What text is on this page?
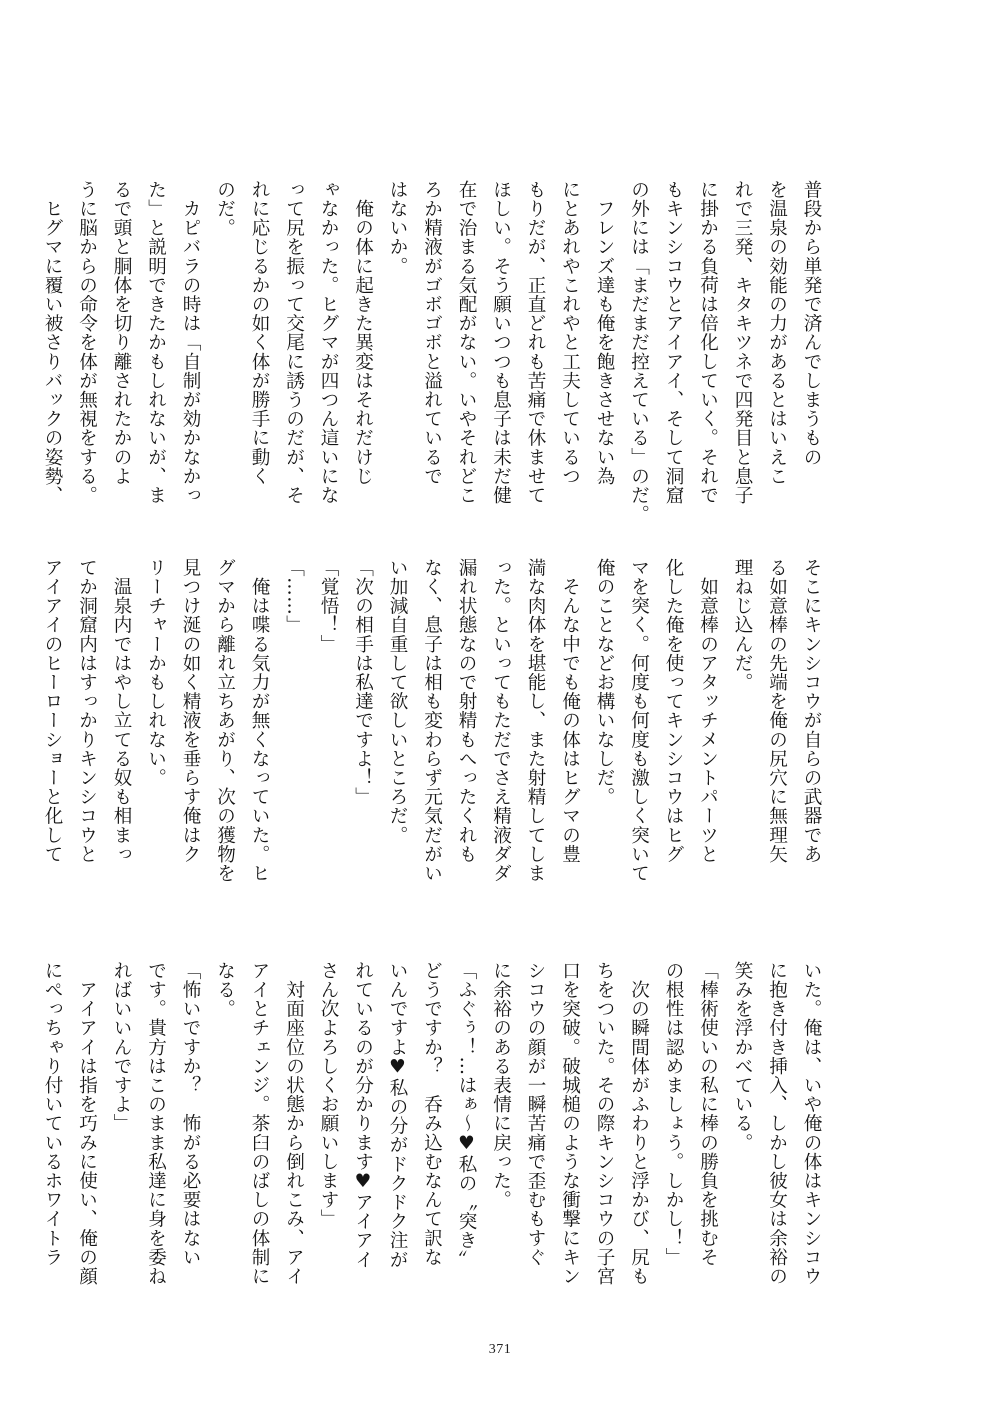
普段から単発で済んでしまうもの
を温泉の効能の力があるとはいえこ
れで三発、キタキツネで四発目と息子
に掛かる負荷は倍化していく。それで
もキンシコウとアイアイ、そして洞窟
の外には「まだまだ控えている」のだ。
　フレンズ達も俺を飽きさせない為
にとあれやこれやと工夫しているつ
もりだが、正直どれも苦痛で休ませて
ほしい。そう願いつつも息子は未だ健
在で治まる気配がない。いやそれどこ
ろか精液がゴボゴボと溢れているで
はないか。
　俺の体に起きた異変はそれだけじ
ゃなかった。ヒグマが四つん這いにな
って尻を振って交尾に誘うのだが、そ
れに応じるかの如く体が勝手に動く
のだ。
　カピバラの時は「自制が効かなかっ
た」と説明できたかもしれないが、ま
るで頭と胴体を切り離されたかのよ
うに脳からの命令を体が無視をする。
　ヒグマに覆い被さりバックの姿勢、
そこにキンシコウが自らの武器であ
る如意棒の先端を俺の尻穴に無理矢
理ねじ込んだ。
　如意棒のアタッチメントパーツと
化した俺を使ってキンシコウはヒグ
マを突く。何度も何度も激しく突いて
俺のことなどお構いなしだ。
　そんな中でも俺の体はヒグマの豊
満な肉体を堪能し、また射精してしま
った。といってもただでさえ精液ダダ
漏れ状態なので射精もへったくれも
なく、息子は相も変わらず元気だがい
い加減自重して欲しいところだ。
「次の相手は私達ですよ！」
「覚悟！」
「……」
　俺は喋る気力が無くなっていた。ヒ
グマから離れ立ちあがり、次の獲物を
見つけ涎の如く精液を垂らす俺はク
リーチャーかもしれない。
　温泉内ではやし立てる奴も相まっ
てか洞窟内はすっかりキンシコウと
アイアイのヒーローショーと化して
いた。俺は、いや俺の体はキンシコウ
に抱き付き挿入、しかし彼女は余裕の
笑みを浮かべている。
「棒術使いの私に棒の勝負を挑むそ
の根性は認めましょう。しかし！」
　次の瞬間体がふわりと浮かび、尻も
ちをついた。その際キンシコウの子宮
口を突破。破城槌のような衝撃にキン
シコウの顔が一瞬苦痛で歪むもすぐ
に余裕のある表情に戻った。
「ふぐぅ！…はぁ～♥私の〝突き〟
どうですか？　呑み込むなんて訳な
いんですよ♥私の分がドクドク注が
れているのが分かります♥アイアイ
さん次よろしくお願いします」
　対面座位の状態から倒れこみ、アイ
アイとチェンジ。茶臼のばしの体制に
なる。
「怖いですか？　怖がる必要はない
です。貴方はこのまま私達に身を委ね
ればいいんですよ」
　アイアイは指を巧みに使い、俺の顔
にぺっちゃり付いているホワイトラ
371
